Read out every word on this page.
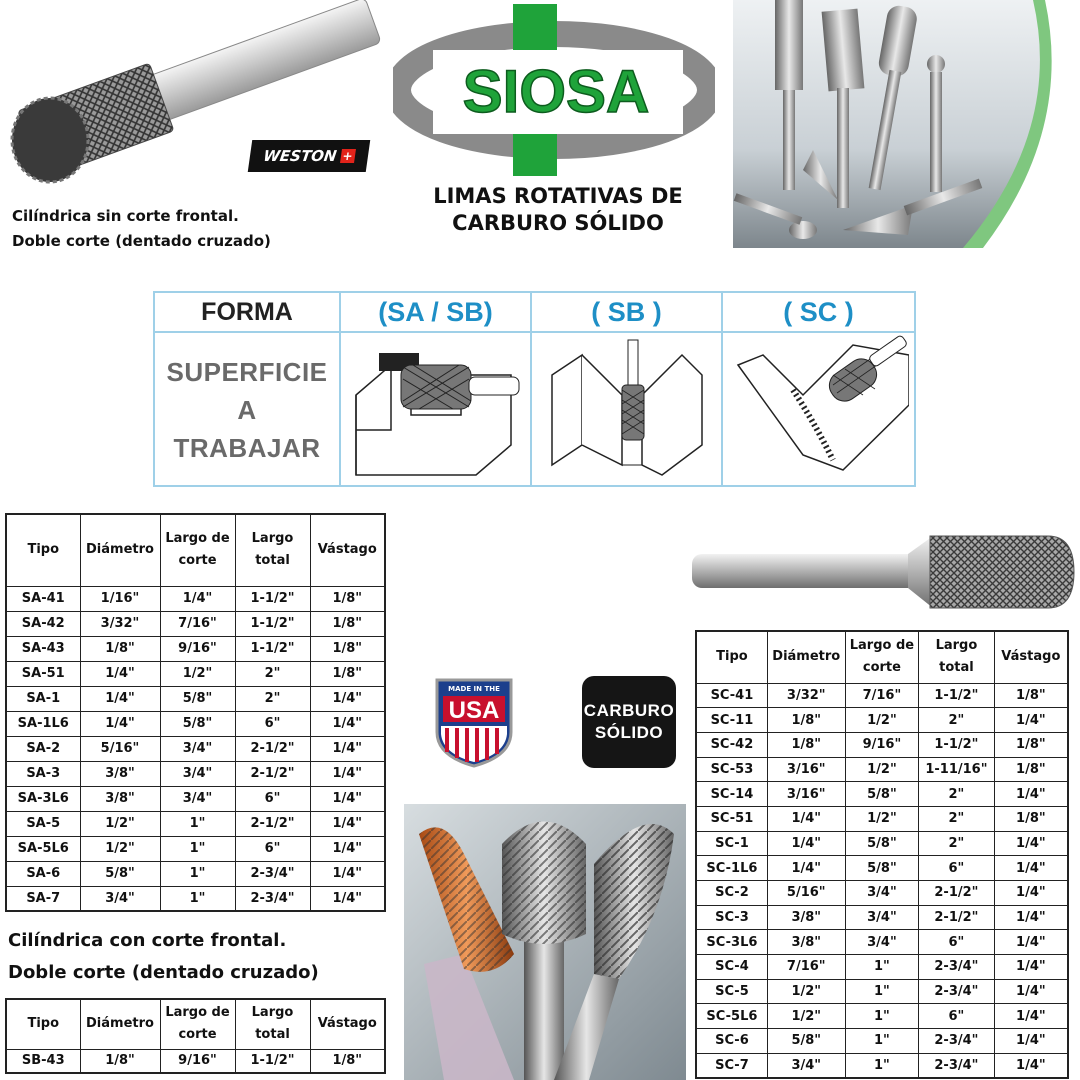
WESTON +
Cilíndrica sin corte frontal.
Doble corte (dentado cruzado)
SIOSA
LIMAS ROTATIVAS DE
CARBURO SÓLIDO
FORMA	(SA / SB)	( SB )	( SC )
SUPERFICIE
A
TRABAJAR
Tipo	Diámetro	Largo de corte	Largo total	Vástago
SA-41	1/16"	1/4"	1-1/2"	1/8"
SA-42	3/32"	7/16"	1-1/2"	1/8"
SA-43	1/8"	9/16"	1-1/2"	1/8"
SA-51	1/4"	1/2"	2"	1/8"
SA-1	1/4"	5/8"	2"	1/4"
SA-1L6	1/4"	5/8"	6"	1/4"
SA-2	5/16"	3/4"	2-1/2"	1/4"
SA-3	3/8"	3/4"	2-1/2"	1/4"
SA-3L6	3/8"	3/4"	6"	1/4"
SA-5	1/2"	1"	2-1/2"	1/4"
SA-5L6	1/2"	1"	6"	1/4"
SA-6	5/8"	1"	2-3/4"	1/4"
SA-7	3/4"	1"	2-3/4"	1/4"
Cilíndrica con corte frontal.
Doble corte (dentado cruzado)
Tipo	Diámetro	Largo de corte	Largo total	Vástago
SB-43	1/8"	9/16"	1-1/2"	1/8"
MADE IN THE
USA	CARBURO
SÓLIDO
Tipo	Diámetro	Largo de corte	Largo total	Vástago
SC-41	3/32"	7/16"	1-1/2"	1/8"
SC-11	1/8"	1/2"	2"	1/4"
SC-42	1/8"	9/16"	1-1/2"	1/8"
SC-53	3/16"	1/2"	1-11/16"	1/8"
SC-14	3/16"	5/8"	2"	1/4"
SC-51	1/4"	1/2"	2"	1/8"
SC-1	1/4"	5/8"	2"	1/4"
SC-1L6	1/4"	5/8"	6"	1/4"
SC-2	5/16"	3/4"	2-1/2"	1/4"
SC-3	3/8"	3/4"	2-1/2"	1/4"
SC-3L6	3/8"	3/4"	6"	1/4"
SC-4	7/16"	1"	2-3/4"	1/4"
SC-5	1/2"	1"	2-3/4"	1/4"
SC-5L6	1/2"	1"	6"	1/4"
SC-6	5/8"	1"	2-3/4"	1/4"
SC-7	3/4"	1"	2-3/4"	1/4"
